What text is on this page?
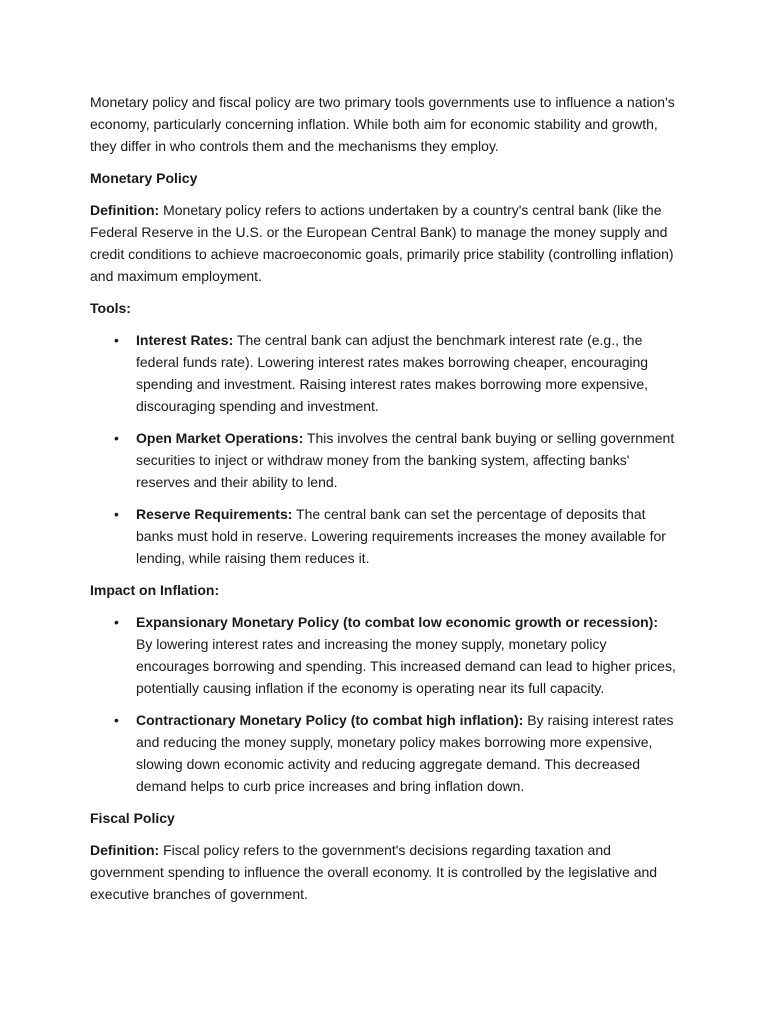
Monetary policy and fiscal policy are two primary tools governments use to influence a nation's economy, particularly concerning inflation. While both aim for economic stability and growth, they differ in who controls them and the mechanisms they employ.

Monetary Policy

Definition: Monetary policy refers to actions undertaken by a country's central bank (like the Federal Reserve in the U.S. or the European Central Bank) to manage the money supply and credit conditions to achieve macroeconomic goals, primarily price stability (controlling inflation) and maximum employment.

Tools:

• Interest Rates: The central bank can adjust the benchmark interest rate (e.g., the federal funds rate). Lowering interest rates makes borrowing cheaper, encouraging spending and investment. Raising interest rates makes borrowing more expensive, discouraging spending and investment.
• Open Market Operations: This involves the central bank buying or selling government securities to inject or withdraw money from the banking system, affecting banks' reserves and their ability to lend.
• Reserve Requirements: The central bank can set the percentage of deposits that banks must hold in reserve. Lowering requirements increases the money available for lending, while raising them reduces it.

Impact on Inflation:

• Expansionary Monetary Policy (to combat low economic growth or recession): By lowering interest rates and increasing the money supply, monetary policy encourages borrowing and spending. This increased demand can lead to higher prices, potentially causing inflation if the economy is operating near its full capacity.
• Contractionary Monetary Policy (to combat high inflation): By raising interest rates and reducing the money supply, monetary policy makes borrowing more expensive, slowing down economic activity and reducing aggregate demand. This decreased demand helps to curb price increases and bring inflation down.

Fiscal Policy

Definition: Fiscal policy refers to the government's decisions regarding taxation and government spending to influence the overall economy. It is controlled by the legislative and executive branches of government.
